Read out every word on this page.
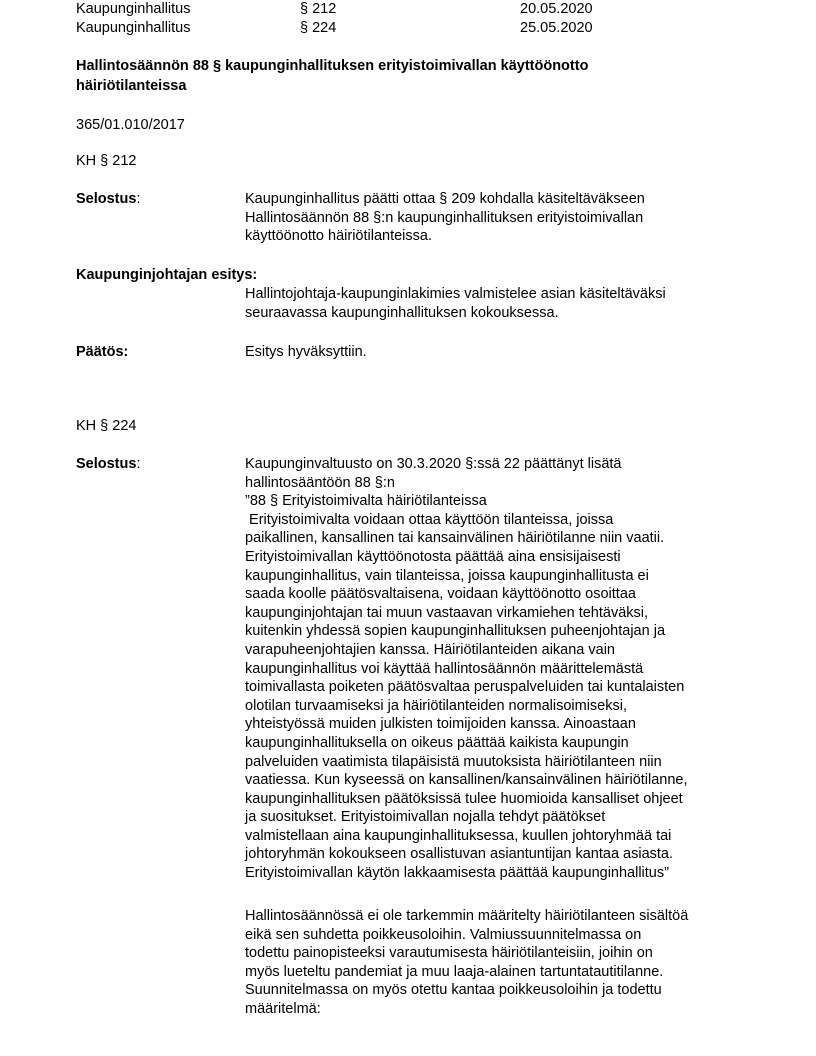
Kaupunginhallitus	§ 212	20.05.2020
Kaupunginhallitus	§ 224	25.05.2020
Hallintosäännön 88 § kaupunginhallituksen erityistoimivallan käyttöönotto
häiriötilanteissa
365/01.010/2017
KH § 212
Selostus:	Kaupunginhallitus päätti ottaa § 209 kohdalla käsiteltäväkseen
Hallintosäännön 88 §:n kaupunginhallituksen erityistoimivallan
käyttöönotto häiriötilanteissa.
Kaupunginjohtajan esitys:
Hallintojohtaja-kaupunginlakimies valmistelee asian käsiteltäväksi
seuraavassa kaupunginhallituksen kokouksessa.
Päätös:	Esitys hyväksyttiin.
KH § 224
Selostus:	Kaupunginvaltuusto on 30.3.2020 §:ssä 22 päättänyt lisätä
hallintosääntöön 88 §:n
”88 § Erityistoimivalta häiriötilanteissa
Erityistoimivalta voidaan ottaa käyttöön tilanteissa, joissa
paikallinen, kansallinen tai kansainvälinen häiriötilanne niin vaatii.
Erityistoimivallan käyttöönotosta päättää aina ensisijaisesti
kaupunginhallitus, vain tilanteissa, joissa kaupunginhallitusta ei
saada koolle päätösvaltaisena, voidaan käyttöönotto osoittaa
kaupunginjohtajan tai muun vastaavan virkamiehen tehtäväksi,
kuitenkin yhdessä sopien kaupunginhallituksen puheenjohtajan ja
varapuheenjohtajien kanssa. Häiriötilanteiden aikana vain
kaupunginhallitus voi käyttää hallintosäännön määrittelemästä
toimivallasta poiketen päätösvaltaa peruspalveluiden tai kuntalaisten
olotilan turvaamiseksi ja häiriötilanteiden normalisoimiseksi,
yhteistyössä muiden julkisten toimijoiden kanssa. Ainoastaan
kaupunginhallituksella on oikeus päättää kaikista kaupungin
palveluiden vaatimista tilapäisistä muutoksista häiriötilanteen niin
vaatiessa. Kun kyseessä on kansallinen/kansainvälinen häiriötilanne,
kaupunginhallituksen päätöksissä tulee huomioida kansalliset ohjeet
ja suositukset. Erityistoimivallan nojalla tehdyt päätökset
valmistellaan aina kaupunginhallituksessa, kuullen johtoryhmää tai
johtoryhmän kokoukseen osallistuvan asiantuntijan kantaa asiasta.
Erityistoimivallan käytön lakkaamisesta päättää kaupunginhallitus”
Hallintosäännössä ei ole tarkemmin määritelty häiriötilanteen sisältöä
eikä sen suhdetta poikkeusoloihin. Valmiussuunnitelmassa on
todettu painopisteeksi varautumisesta häiriötilanteisiin, joihin on
myös lueteltu pandemiat ja muu laaja-alainen tartuntatautitilanne.
Suunnitelmassa on myös otettu kantaa poikkeusoloihin ja todettu
määritelmä:
